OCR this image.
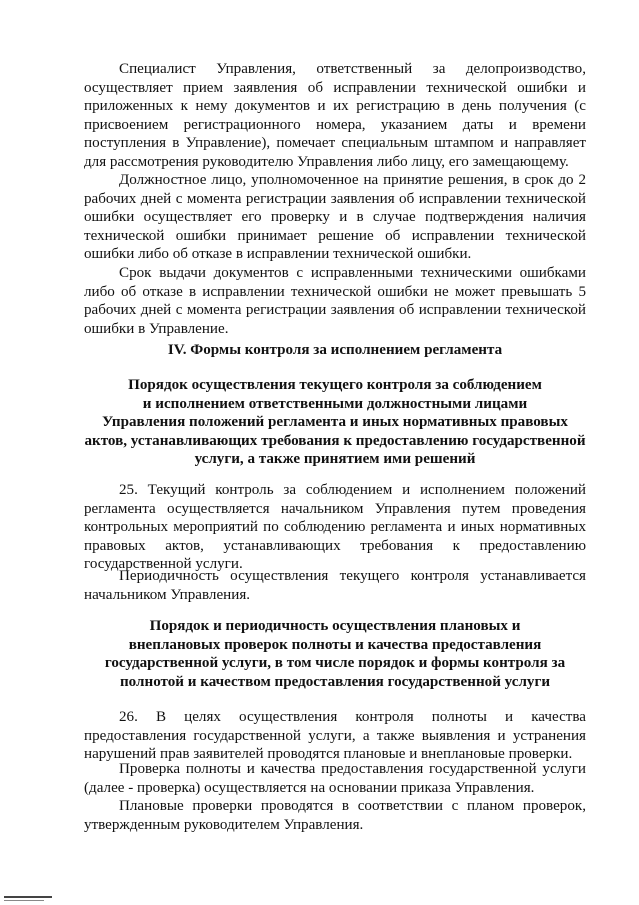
Специалист Управления, ответственный за делопроизводство, осуществляет прием заявления об исправлении технической ошибки и приложенных к нему документов и их регистрацию в день получения (с присвоением регистрационного номера, указанием даты и времени поступления в Управление), помечает специальным штампом и направляет для рассмотрения руководителю Управления либо лицу, его замещающему.

Должностное лицо, уполномоченное на принятие решения, в срок до 2 рабочих дней с момента регистрации заявления об исправлении технической ошибки осуществляет его проверку и в случае подтверждения наличия технической ошибки принимает решение об исправлении технической ошибки либо об отказе в исправлении технической ошибки.

Срок выдачи документов с исправленными техническими ошибками либо об отказе в исправлении технической ошибки не может превышать 5 рабочих дней с момента регистрации заявления об исправлении технической ошибки в Управление.

IV. Формы контроля за исполнением регламента
Порядок осуществления текущего контроля за соблюдением
и исполнением ответственными должностными лицами
Управления положений регламента и иных нормативных правовых
актов, устанавливающих требования к предоставлению государственной
услуги, а также принятием ими решений

25. Текущий контроль за соблюдением и исполнением положений регламента осуществляется начальником Управления путем проведения контрольных мероприятий по соблюдению регламента и иных нормативных правовых актов, устанавливающих требования к предоставлению государственной услуги.

Периодичность осуществления текущего контроля устанавливается начальником Управления.

Порядок и периодичность осуществления плановых и
внеплановых проверок полноты и качества предоставления
государственной услуги, в том числе порядок и формы контроля за
полнотой и качеством предоставления государственной услуги

26. В целях осуществления контроля полноты и качества предоставления государственной услуги, а также выявления и устранения нарушений прав заявителей проводятся плановые и внеплановые проверки.

Проверка полноты и качества предоставления государственной услуги (далее - проверка) осуществляется на основании приказа Управления.

Плановые проверки проводятся в соответствии с планом проверок, утвержденным руководителем Управления.
